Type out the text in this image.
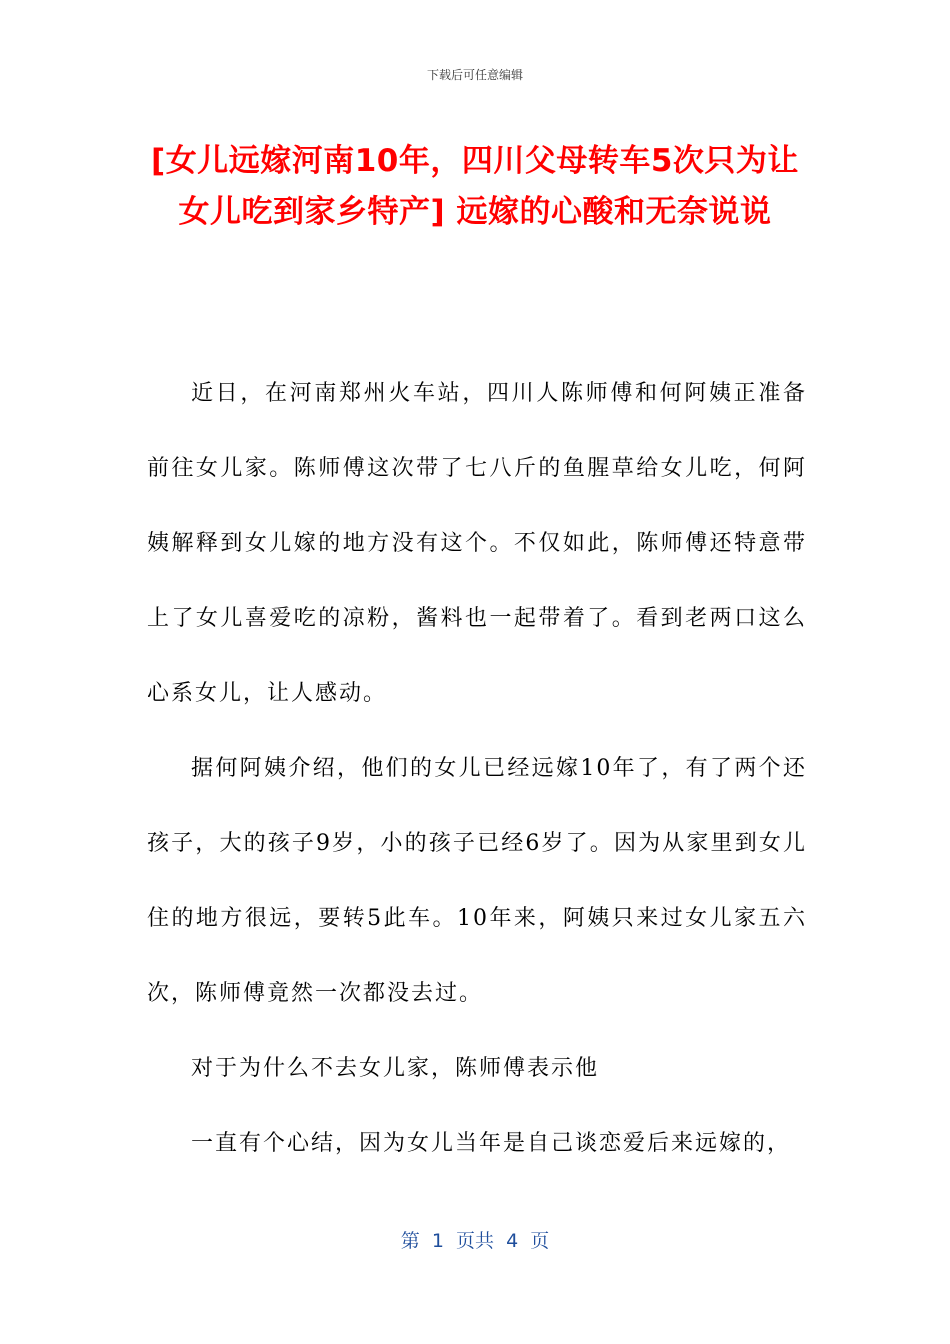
下载后可任意编辑
[女儿远嫁河南10年，四川父母转车5次只为让女儿吃到家乡特产] 远嫁的心酸和无奈说说

近日，在河南郑州火车站，四川人陈师傅和何阿姨正准备前往女儿家。陈师傅这次带了七八斤的鱼腥草给女儿吃，何阿姨解释到女儿嫁的地方没有这个。不仅如此，陈师傅还特意带上了女儿喜爱吃的凉粉，酱料也一起带着了。看到老两口这么心系女儿，让人感动。

据何阿姨介绍，他们的女儿已经远嫁10年了，有了两个还孩子，大的孩子9岁，小的孩子已经6岁了。因为从家里到女儿住的地方很远，要转5此车。10年来，阿姨只来过女儿家五六次，陈师傅竟然一次都没去过。

对于为什么不去女儿家，陈师傅表示他

一直有个心结，因为女儿当年是自己谈恋爱后来远嫁的，

第  1  页共  4  页
